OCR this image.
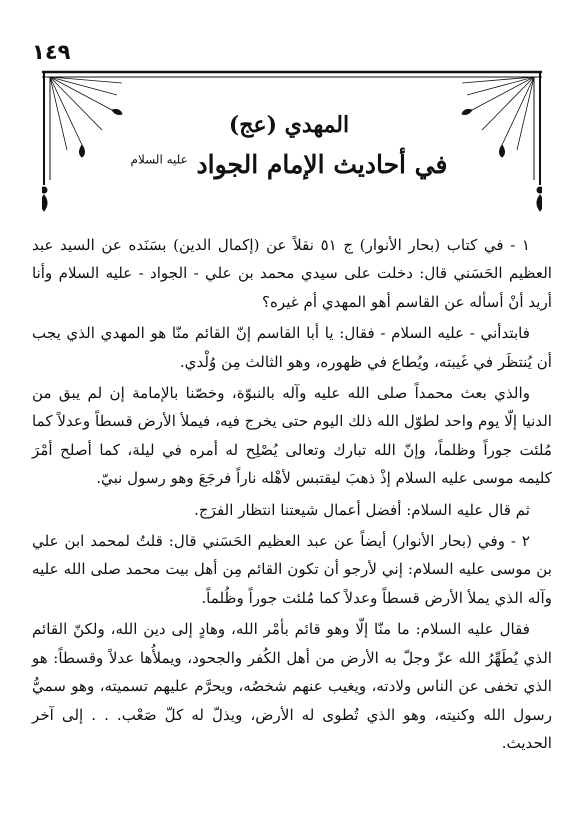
١٤٩
المهدي (عج)
في أحاديث الإمام الجواد $^{عليه السلام}$

١ - في كتاب (بحار الأنوار) ج ٥١ نقلاً عن (إكمال الدين) بسَنَده عن السيد عبد العظيم الحَسَني قال: دخلت على سيدي محمد بن علي - الجواد - عليه السلام وأنا أريد أنْ أسأله عن القاسم أهو المهدي أم غيره؟

فابتدأني - عليه السلام - فقال: يا أبا القاسم إنّ القائم منّا هو المهدي الذي يجب أن يُنتظَر في غَيبته، ويُطاع في ظهوره، وهو الثالث مِن وُلْدي.

والذي بعث محمداً صلى الله عليه وآله بالنبوّة، وخصّنا بالإمامة إن لم يبق من الدنيا إلّا يوم واحد لطوّل الله ذلك اليوم حتى يخرج فيه، فيملأ الأرض قسطاً وعدلاً كما مُلئت جوراً وظلماً، وإنّ الله تبارك وتعالى يُصْلِح له أمره في ليلة، كما أصلح أمْرَ كليمه موسى عليه السلام إذْ ذهبَ ليقتبس لأهْله ناراً فرجَعَ وهو رسول نبيّ.

ثم قال عليه السلام: أفضل أعمال شيعتنا انتظار الفرَج.

٢ - وفي (بحار الأنوار) أيضاً عن عبد العظيم الحَسَني قال: قلتُ لمحمد ابن علي بن موسى عليه السلام: إني لأرجو أن تكون القائم مِن أهل بيت محمد صلى الله عليه وآله الذي يملأ الأرض قسطاً وعدلاً كما مُلئت جوراً وظُلماً.

فقال عليه السلام: ما منّا إلّا وهو قائم بأمْر الله، وهادٍ إلى دين الله، ولكنّ القائم الذي يُطَهِّرُ الله عزّ وجلّ به الأرض من أهل الكُفر والجحود، ويملأُها عدلاً وقسطاً: هو الذي تخفى عن الناس ولادته، ويغيب عنهم شخصُه، ويحرَّم عليهم تسميته، وهو سميُّ رسول الله وكنيته، وهو الذي تُطوى له الأرض، ويذلّ له كلّ صَعْب. . . إلى آخر الحديث.
